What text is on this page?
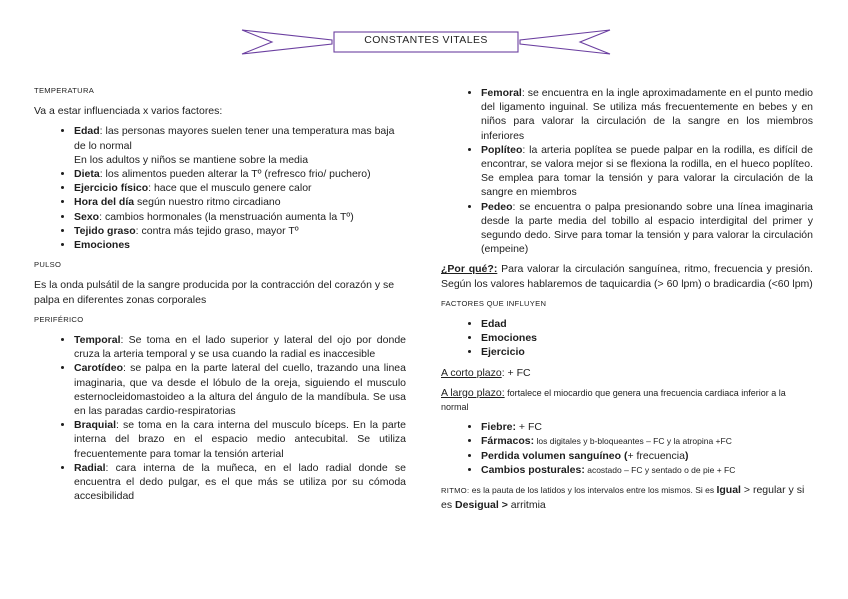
CONSTANTES VITALES
TEMPERATURA

Va a estar influenciada x varios factores:

• Edad: las personas mayores suelen tener una temperatura mas baja de lo normal
En los adultos y niños se mantiene sobre la media
• Dieta: los alimentos pueden alterar la Tº (refresco frio/ puchero)
• Ejercicio físico: hace que el musculo genere calor
• Hora del día según nuestro ritmo circadiano
• Sexo: cambios hormonales (la menstruación aumenta la Tº)
• Tejido graso: contra más tejido graso, mayor Tº
• Emociones
PULSO

Es la onda pulsátil de la sangre producida por la contracción del corazón y se palpa en diferentes zonas corporales

PERIFÉRICO
• Temporal: Se toma en el lado superior y lateral del ojo por donde cruza la arteria temporal y se usa cuando la radial es inaccesible
• Carotídeo: se palpa en la parte lateral del cuello, trazando una linea imaginaria, que va desde el lóbulo de la oreja, siguiendo el musculo esternocleidomastoideo a la altura del ángulo de la mandíbula. Se usa en las paradas cardio-respiratorias
• Braquial: se toma en la cara interna del musculo bíceps. En la parte interna del brazo en el espacio medio antecubital. Se utiliza frecuentemente para tomar la tensión arterial
• Radial: cara interna de la muñeca, en el lado radial donde se encuentra el dedo pulgar, es el que más se utiliza por su cómoda accesibilidad
• Femoral: se encuentra en la ingle aproximadamente en el punto medio del ligamento inguinal. Se utiliza más frecuentemente en bebes y en niños para valorar la circulación de la sangre en los miembros inferiores
• Poplíteo: la arteria poplítea se puede palpar en la rodilla, es difícil de encontrar, se valora mejor si se flexiona la rodilla, en el hueco poplíteo. Se emplea para tomar la tensión y para valorar la circulación de la sangre en miembros
• Pedeo: se encuentra o palpa presionando sobre una línea imaginaria desde la parte media del tobillo al espacio interdigital del primer y segundo dedo. Sirve para tomar la tensión y para valorar la circulación (empeine)

¿Por qué?: Para valorar la circulación sanguínea, ritmo, frecuencia y presión. Según los valores hablaremos de taquicardia (> 60 lpm) o bradicardia (<60 lpm)

FACTORES QUE INFLUYEN
• Edad
• Emociones
• Ejercicio

A corto plazo: + FC

A largo plazo: fortalece el miocardio que genera una frecuencia cardiaca inferior a la normal

• Fiebre: + FC
• Fármacos: los digitales y b-bloqueantes – FC y la atropina +FC
• Perdida volumen sanguíneo (+ frecuencia)
• Cambios posturales: acostado – FC y sentado o de pie + FC

RITMO: es la pauta de los latidos y los intervalos entre los mismos. Si es Igual > regular y si es Desigual > arritmia
